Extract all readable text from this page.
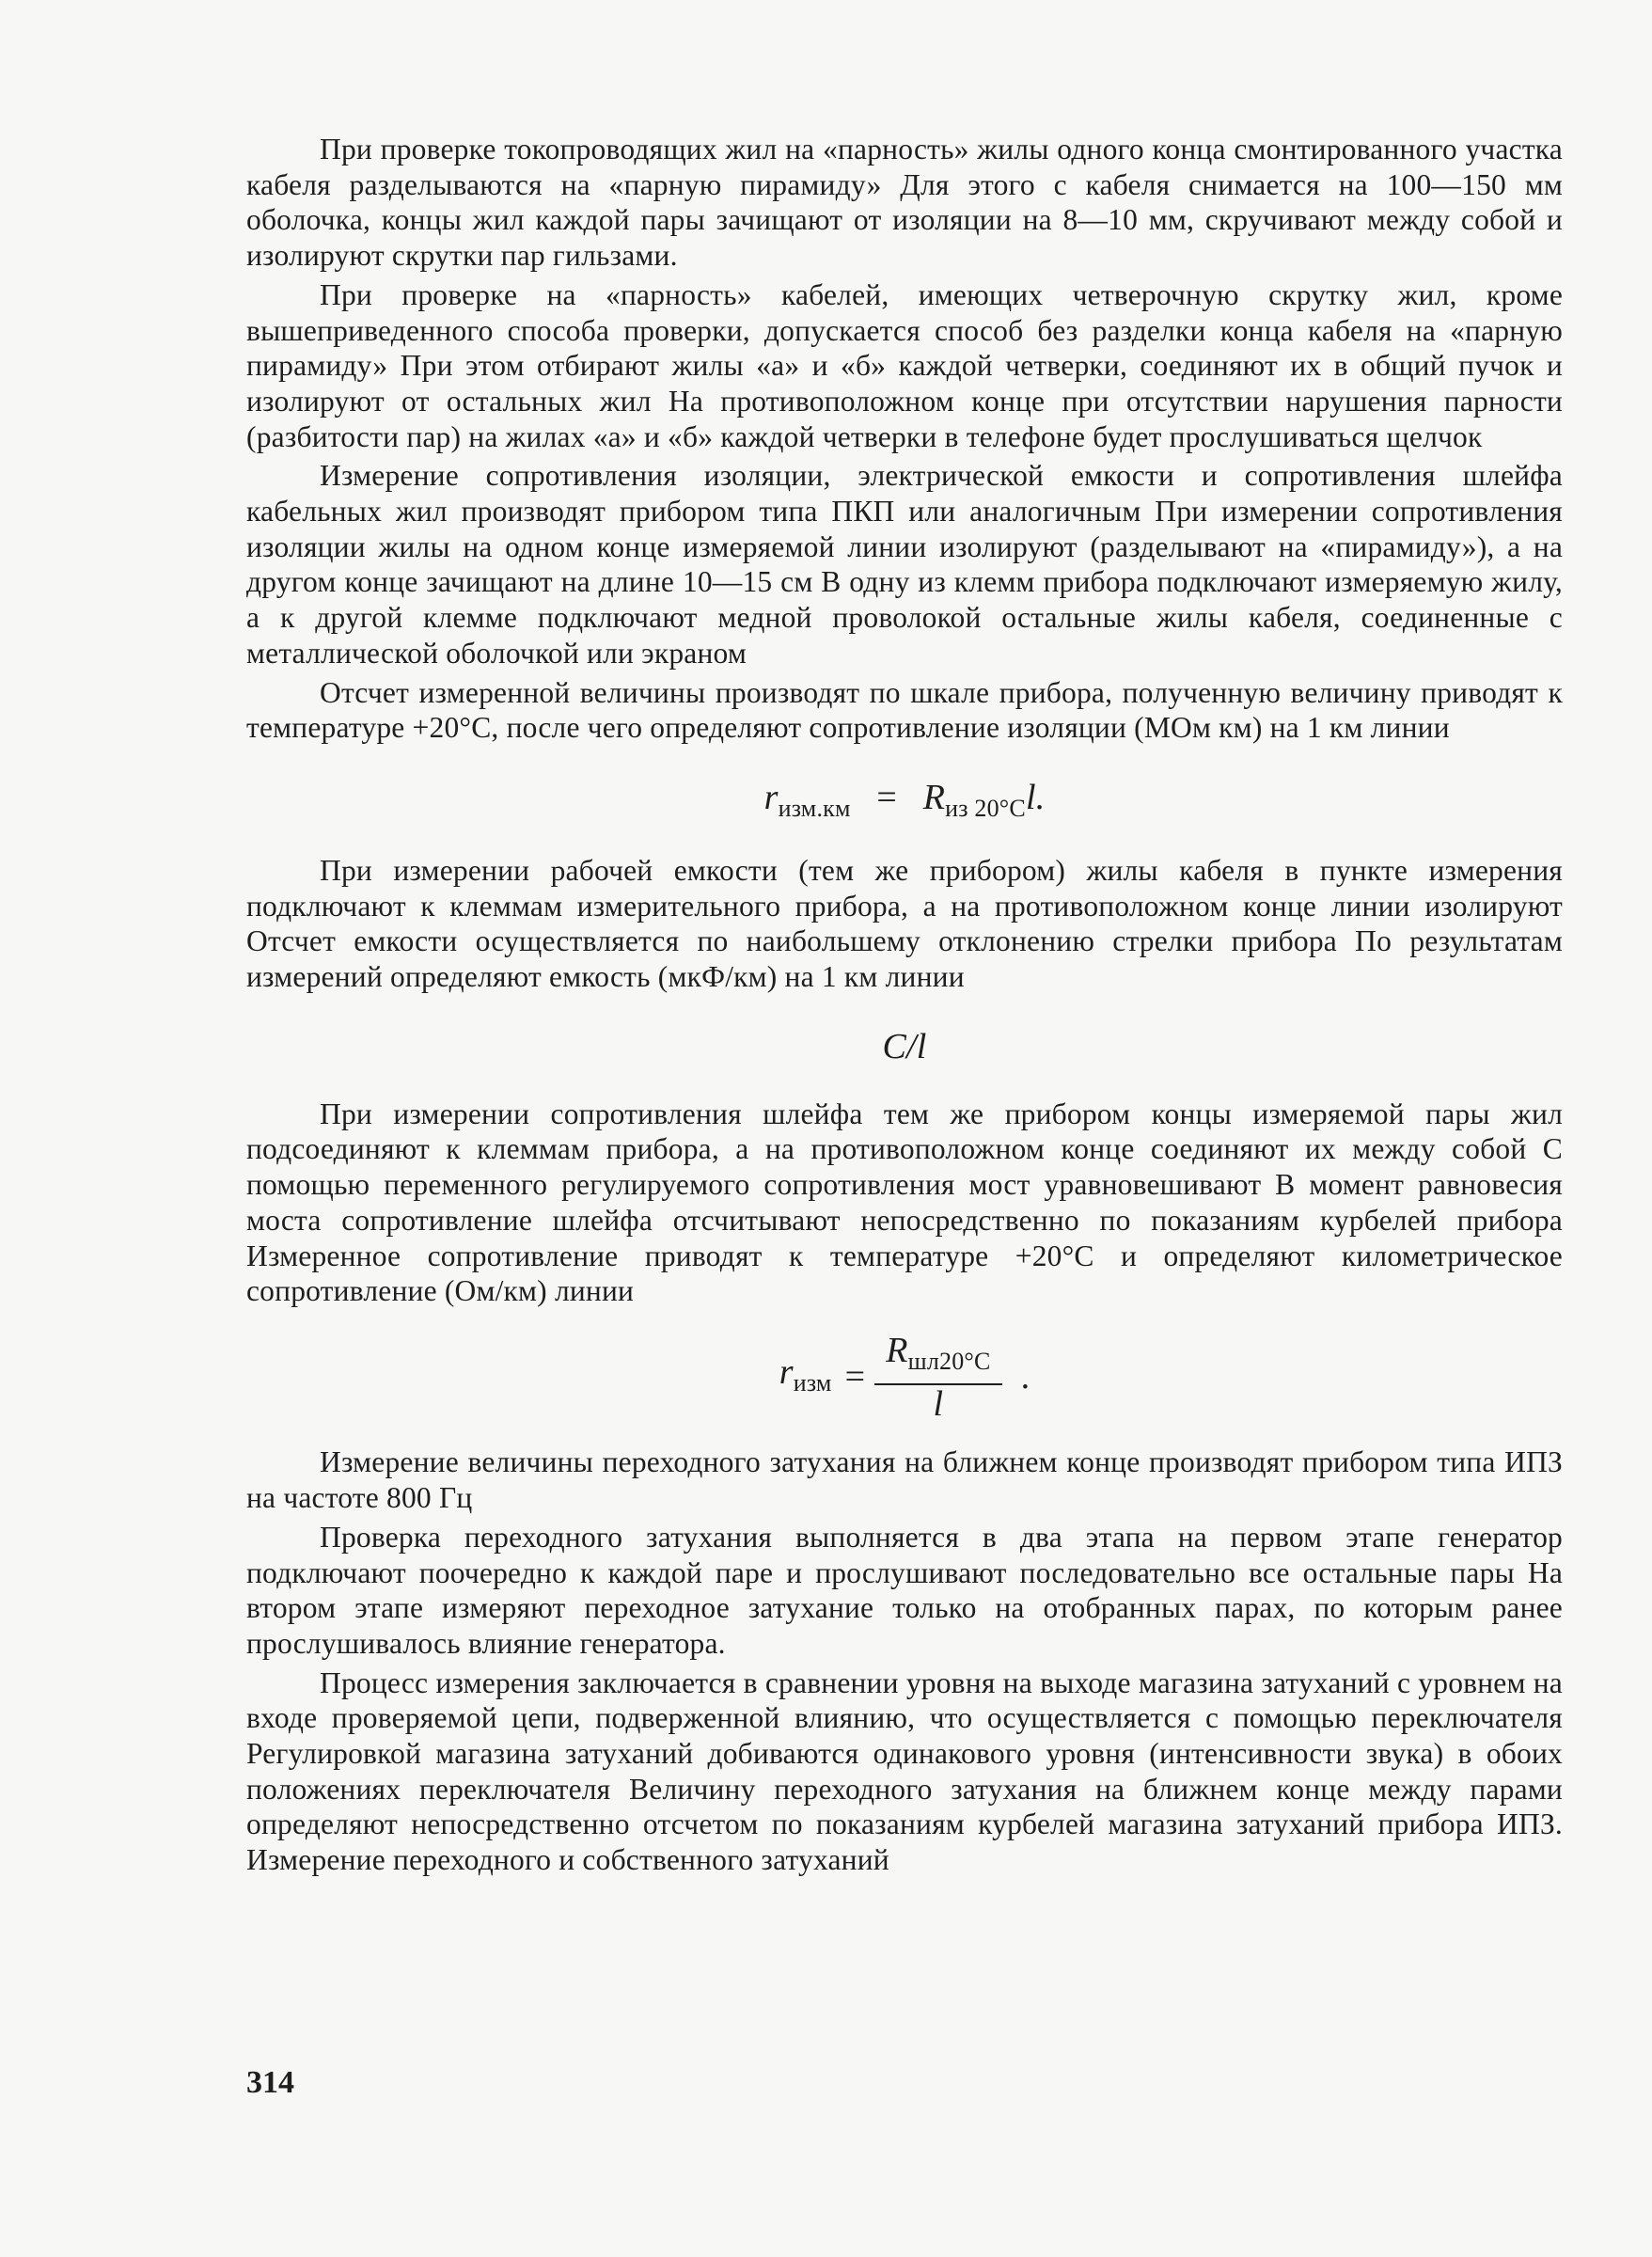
При проверке токопроводящих жил на «парность» жилы одного конца смонтированного участка кабеля разделываются на «парную пирамиду» Для этого с кабеля снимается на 100—150 мм оболочка, концы жил каждой пары зачищают от изоляции на 8—10 мм, скручивают между собой и изолируют скрутки пар гильзами.

При проверке на «парность» кабелей, имеющих четверочную скрутку жил, кроме вышеприведенного способа проверки, допускается способ без разделки конца кабеля на «парную пирамиду» При этом отбирают жилы «а» и «б» каждой четверки, соединяют их в общий пучок и изолируют от остальных жил На противоположном конце при отсутствии нарушения парности (разбитости пар) на жилах «а» и «б» каждой четверки в телефоне будет прослушиваться щелчок

Измерение сопротивления изоляции, электрической емкости и сопротивления шлейфа кабельных жил производят прибором типа ПКП или аналогичным При измерении сопротивления изоляции жилы на одном конце измеряемой линии изолируют (разделывают на «пирамиду»), а на другом конце зачищают на длине 10—15 см В одну из клемм прибора подключают измеряемую жилу, а к другой клемме подключают медной проволокой остальные жилы кабеля, соединенные с металлической оболочкой или экраном

Отсчет измеренной величины производят по шкале прибора, полученную величину приводят к температуре +20°С, после чего определяют сопротивление изоляции (МОм км) на 1 км линии

$r_{изм.км} = R_{из 20^\circ С}l$.

При измерении рабочей емкости (тем же прибором) жилы кабеля в пункте измерения подключают к клеммам измерительного прибора, а на противоположном конце линии изолируют Отсчет емкости осуществляется по наибольшему отклонению стрелки прибора По результатам измерений определяют емкость (мкФ/км) на 1 км линии

C/l

При измерении сопротивления шлейфа тем же прибором концы измеряемой пары жил подсоединяют к клеммам прибора, а на противоположном конце соединяют их между собой С помощью переменного регулируемого сопротивления мост уравновешивают В момент равновесия моста сопротивление шлейфа отсчитывают непосредственно по показаниям курбелей прибора Измеренное сопротивление приводят к температуре +20°С и определяют километрическое сопротивление (Ом/км) линии

$r_{изм} = \frac{R_{шл20^\circ С}}{l}$ .

Измерение величины переходного затухания на ближнем конце производят прибором типа ИПЗ на частоте 800 Гц

Проверка переходного затухания выполняется в два этапа на первом этапе генератор подключают поочередно к каждой паре и прослушивают последовательно все остальные пары На втором этапе измеряют переходное затухание только на отобранных парах, по которым ранее прослушивалось влияние генератора.

Процесс измерения заключается в сравнении уровня на выходе магазина затуханий с уровнем на входе проверяемой цепи, подверженной влиянию, что осуществляется с помощью переключателя Регулировкой магазина затуханий добиваются одинакового уровня (интенсивности звука) в обоих положениях переключателя Величину переходного затухания на ближнем конце между парами определяют непосредственно отсчетом по показаниям курбелей магазина затуханий прибора ИПЗ. Измерение переходного и собственного затуханий

314
